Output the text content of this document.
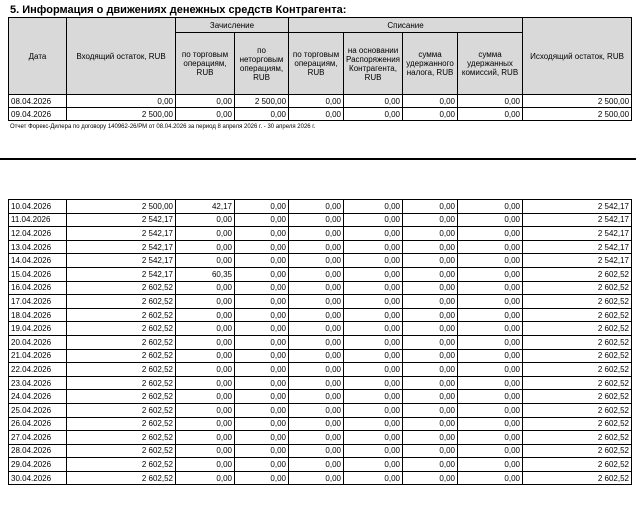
5. Информация о движениях денежных средств Контрагента:
Дата	Входящий остаток, RUB	Зачисление		Списание				Исходящий остаток, RUB
		по торговым операциям, RUB	по неторговым операциям, RUB	по торговым операциям, RUB	на основании Распоряжения Контрагента, RUB	сумма удержанного налога, RUB	сумма удержанных комиссий, RUB	
08.04.2026	0,00	0,00	2 500,00	0,00	0,00	0,00	0,00	2 500,00
09.04.2026	2 500,00	0,00	0,00	0,00	0,00	0,00	0,00	2 500,00
Отчет Форекс-Дилера по договору 140962-26/РМ от 08.04.2026 за период 8 апреля 2026 г. - 30 апреля 2026 г.
10.04.2026	2 500,00	42,17	0,00	0,00	0,00	0,00	0,00	2 542,17
11.04.2026	2 542,17	0,00	0,00	0,00	0,00	0,00	0,00	2 542,17
12.04.2026	2 542,17	0,00	0,00	0,00	0,00	0,00	0,00	2 542,17
13.04.2026	2 542,17	0,00	0,00	0,00	0,00	0,00	0,00	2 542,17
14.04.2026	2 542,17	0,00	0,00	0,00	0,00	0,00	0,00	2 542,17
15.04.2026	2 542,17	60,35	0,00	0,00	0,00	0,00	0,00	2 602,52
16.04.2026	2 602,52	0,00	0,00	0,00	0,00	0,00	0,00	2 602,52
17.04.2026	2 602,52	0,00	0,00	0,00	0,00	0,00	0,00	2 602,52
18.04.2026	2 602,52	0,00	0,00	0,00	0,00	0,00	0,00	2 602,52
19.04.2026	2 602,52	0,00	0,00	0,00	0,00	0,00	0,00	2 602,52
20.04.2026	2 602,52	0,00	0,00	0,00	0,00	0,00	0,00	2 602,52
21.04.2026	2 602,52	0,00	0,00	0,00	0,00	0,00	0,00	2 602,52
22.04.2026	2 602,52	0,00	0,00	0,00	0,00	0,00	0,00	2 602,52
23.04.2026	2 602,52	0,00	0,00	0,00	0,00	0,00	0,00	2 602,52
24.04.2026	2 602,52	0,00	0,00	0,00	0,00	0,00	0,00	2 602,52
25.04.2026	2 602,52	0,00	0,00	0,00	0,00	0,00	0,00	2 602,52
26.04.2026	2 602,52	0,00	0,00	0,00	0,00	0,00	0,00	2 602,52
27.04.2026	2 602,52	0,00	0,00	0,00	0,00	0,00	0,00	2 602,52
28.04.2026	2 602,52	0,00	0,00	0,00	0,00	0,00	0,00	2 602,52
29.04.2026	2 602,52	0,00	0,00	0,00	0,00	0,00	0,00	2 602,52
30.04.2026	2 602,52	0,00	0,00	0,00	0,00	0,00	0,00	2 602,52
